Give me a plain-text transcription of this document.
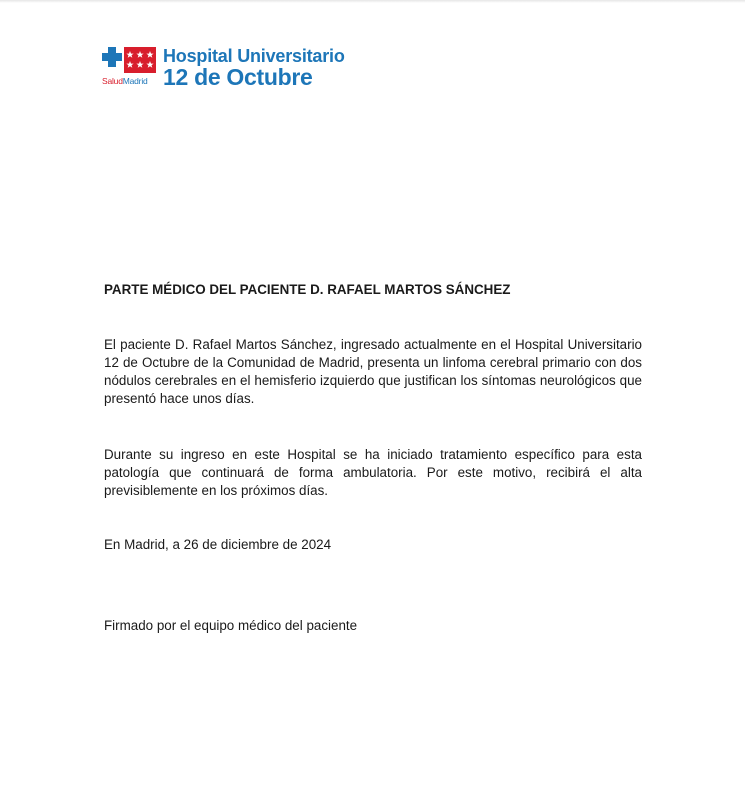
SaludMadrid
Hospital Universitario
12 de Octubre
PARTE MÉDICO DEL PACIENTE D. RAFAEL MARTOS SÁNCHEZ

El paciente D. Rafael Martos Sánchez, ingresado actualmente en el Hospital Universitario 12 de Octubre de la Comunidad de Madrid, presenta un linfoma cerebral primario con dos nódulos cerebrales en el hemisferio izquierdo que justifican los síntomas neurológicos que presentó hace unos días.

Durante su ingreso en este Hospital se ha iniciado tratamiento específico para esta patología que continuará de forma ambulatoria. Por este motivo, recibirá el alta previsiblemente en los próximos días.

En Madrid, a 26 de diciembre de 2024
Firmado por el equipo médico del paciente
